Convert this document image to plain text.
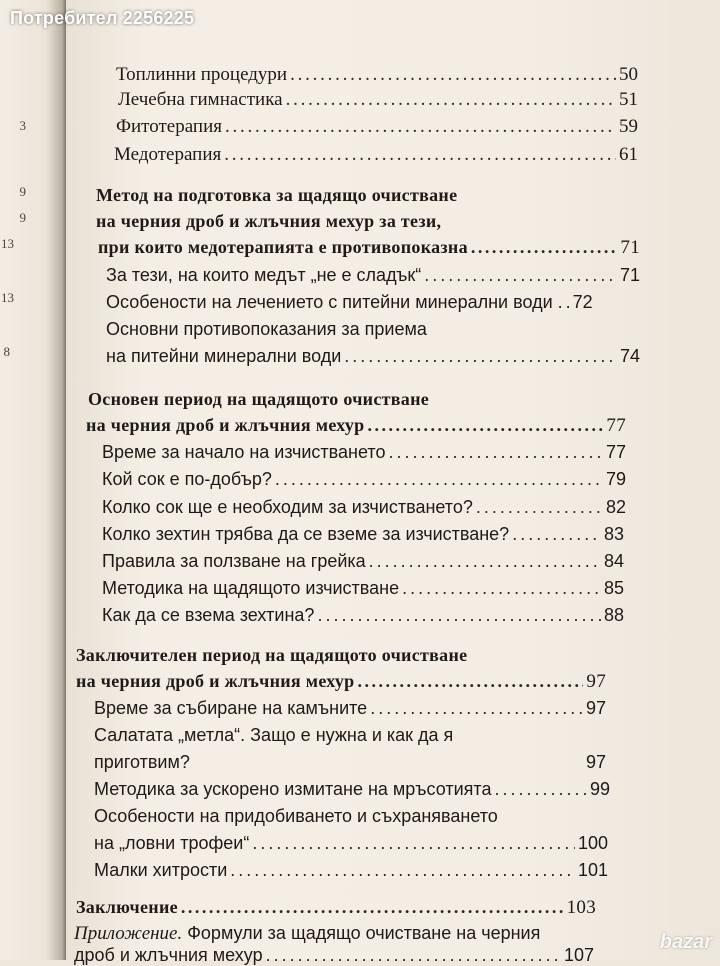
3
9
9
13
13
8
Потребител 2256225
Топлинни процедури . . .	50
Лечебна гимнастика . . .	51
Фитотерапия . . .	59
Медотерапия . . .	61
Метод на подготовка за щадящо очистване
на черния дроб и жлъчния мехур за тези,
при които медотерапията е противопоказна . . .	71
За тези, на които медът „не е сладък“ . . .	71
Особености на лечението с питейни минерални води . . . . 72
Основни противопоказания за приема
на питейни минерални води . . .	74
Основен период на щадящото очистване
на черния дроб и жлъчния мехур . . .	77
Време за начало на изчистването . . .	77
Кой сок е по-добър? . . .	79
Колко сок ще е необходим за изчистването? . . .	82
Колко зехтин трябва да се вземе за изчистване? . . .	83
Правила за ползване на грейка . . .	84
Методика на щадящото изчистване . . .	85
Как да се взема зехтина? . . .	88
Заключителен период на щадящото очистване
на черния дроб и жлъчния мехур . . .	97
Време за събиране на камъните . . .	97
Салатата „метла“. Защо е нужна и как да я
приготвим?	97
Методика за ускорено измитане на мръсотията . . .	99
Особености на придобиването и съхраняването
на „ловни трофеи“ . . .	100
Малки хитрости . . .	101
Заключение . . .	103
Приложение. Формули за щадящо очистване на черния
дроб и жлъчния мехур . . .	107
bazar
